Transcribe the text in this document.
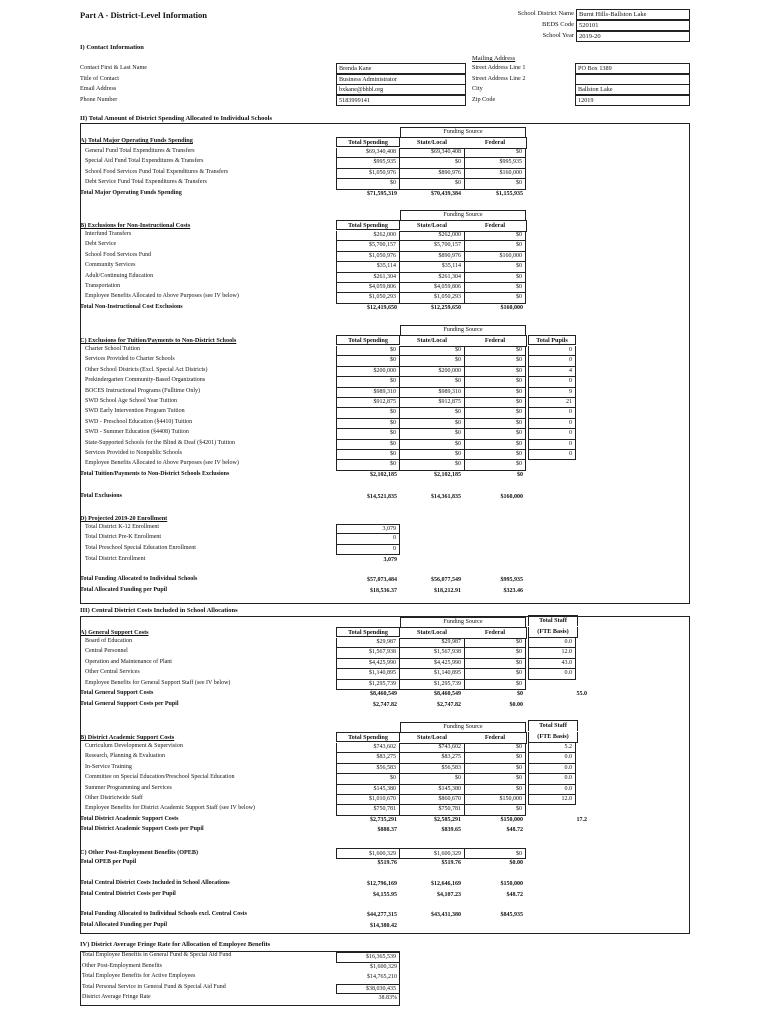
Part A - District-Level Information	School District Name Burnt Hills-Ballston Lake
BEDS Code 520101
School Year 2019-20
I) Contact Information
Mailing Address
Contact First & Last Name	Brenda Kane	Street Address Line 1	PO Box 1389
Title of Contact	Business Administrator	Street Address Line 2
Email Address	bxkane@bhbl.org	City	Ballston Lake
Phone Number	5183999141	Zip Code	12019
II) Total Amount of District Spending Allocated to Individual Schools
Funding Source
Total Spending	State/Local	Federal
A) Total Major Operating Funds Spending
General Fund Total Expenditures & Transfers	$69,340,408	$69,340,408	$0
Special Aid Fund Total Expenditures & Transfers	$995,935	$0	$995,935
School Food Services Fund Total Expenditures & Transfers	$1,050,976	$890,976	$160,000
Debt Service Fund Total Expenditures & Transfers	$0	$0	$0
Total Major Operating Funds Spending	$71,595,319	$70,439,384	$1,155,935
Funding Source
Total Spending	State/Local	Federal
B) Exclusions for Non-Instructional Costs
Interfund Transfers	$262,000	$262,000	$0
Debt Service	$5,700,157	$5,700,157	$0
School Food Services Fund	$1,050,976	$890,976	$160,000
Community Services	$35,114	$35,114	$0
Adult/Continuing Education	$261,304	$261,304	$0
Transportation	$4,059,806	$4,059,806	$0
Employee Benefits Allocated to Above Purposes (see IV below)	$1,050,293	$1,050,293	$0
Total Non-Instructional Cost Exclusions	$12,419,650	$12,259,650	$160,000
Funding Source
Total Spending	State/Local	Federal	Total Pupils
C) Exclusions for Tuition/Payments to Non-District Schools
Charter School Tuition	$0	$0	$0	0
Services Provided to Charter Schools	$0	$0	$0	0
Other School Districts (Excl. Special Act Districts)	$200,000	$200,000	$0	4
Prekindergarten Community-Based Organizations	$0	$0	$0	0
BOCES Instructional Programs (Fulltime Only)	$989,310	$989,310	$0	9
SWD School Age School Year Tuition	$912,875	$912,875	$0	21
SWD Early Intervention Program Tuition	$0	$0	$0	0
SWD - Preschool Education (§4410) Tuition	$0	$0	$0	0
SWD - Summer Education (§4408) Tuition	$0	$0	$0	0
State-Supported Schools for the Blind & Deaf (§4201) Tuition	$0	$0	$0	0
Services Provided to Nonpublic Schools	$0	$0	$0	0
Employee Benefits Allocated to Above Purposes (see IV below)	$0	$0	$0
Total Tuition/Payments to Non-District Schools Exclusions	$2,102,185	$2,102,185	$0
Total Exclusions	$14,521,835	$14,361,835	$160,000
D) Projected 2019-20 Enrollment
Total District K-12 Enrollment	3,079
Total District Pre-K Enrollment	0
Total Preschool Special Education Enrollment	0
Total District Enrollment	3,079
Total Funding Allocated to Individual Schools	$57,073,484	$56,077,549	$995,935
Total Allocated Funding per Pupil	$18,536.37	$18,212.91	$323.46
Funding Source
Total Spending	State/Local	Federal
Total Staff
(FTE Basis)
A) General Support Costs
Board of Education	$29,987	$29,987	$0	0.0
Central Personnel	$1,567,938	$1,567,938	$0	12.0
Operation and Maintenance of Plant	$4,425,990	$4,425,990	$0	43.0
Other Central Services	$1,140,895	$1,140,895	$0	0.0
Employee Benefits for General Support Staff (see IV below)	$1,295,739	$1,295,739	$0
Total General Support Costs	$8,460,549	$8,460,549	$0	55.0
Total General Support Costs per Pupil	$2,747.82	$2,747.82	$0.00
Funding Source
Total Spending	State/Local	Federal
Total Staff
(FTE Basis)
B) District Academic Support Costs
Curriculum Development & Supervision	$743,602	$743,602	$0	5.2
Research, Planning & Evaluation	$83,275	$83,275	$0	0.0
In-Service Training	$56,583	$56,583	$0	0.0
Committee on Special Education/Preschool Special Education	$0	$0	$0	0.0
Summer Programming and Services	$145,380	$145,380	$0	0.0
Other Districtwide Staff	$1,010,670	$860,670	$150,000	12.0
Employee Benefits for District Academic Support Staff (see IV below)	$750,781	$750,781	$0
Total District Academic Support Costs	$2,735,291	$2,585,291	$150,000	17.2
Total District Academic Support Costs per Pupil	$888.37	$839.65	$48.72
C) Other Post-Employment Benefits (OPEB)	$1,600,329	$1,600,329	$0
Total OPEB per Pupil	$519.76	$519.76	$0.00
Total Central District Costs Included in School Allocations	$12,796,169	$12,646,169	$150,000
Total Central District Costs per Pupil	$4,155.95	$4,107.23	$48.72
Total Funding Allocated to Individual Schools excl. Central Costs	$44,277,315	$43,431,380	$845,935
Total Allocated Funding per Pupil	$14,380.42
III) Central District Costs Included in School Allocations
IV) District Average Fringe Rate for Allocation of Employee Benefits
Total Employee Benefits in General Fund & Special Aid Fund	$16,365,539
Other Post-Employment Benefits	$1,600,329
Total Employee Benefits for Active Employees	$14,765,210
Total Personal Service in General Fund & Special Aid Fund	$38,030,435
District Average Fringe Rate	38.83%
